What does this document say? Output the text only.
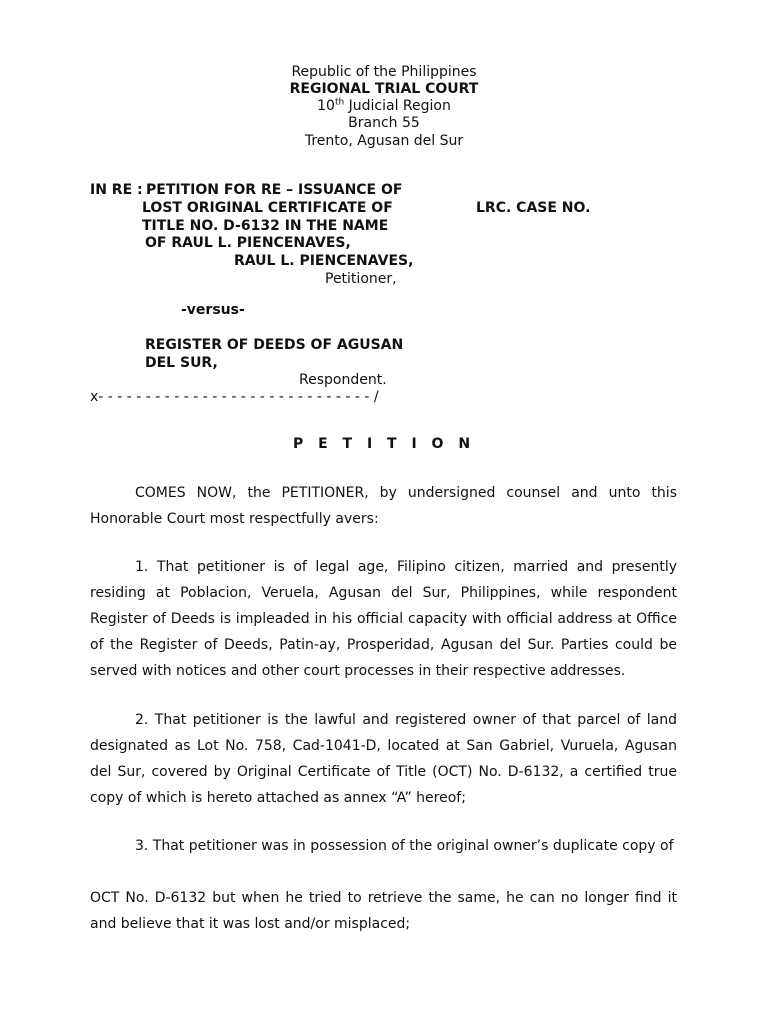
Republic of the Philippines
REGIONAL TRIAL COURT
10th Judicial Region
Branch 55
Trento, Agusan del Sur
IN RE : PETITION FOR RE – ISSUANCE OF
LOST ORIGINAL CERTIFICATE OF	LRC. CASE NO.
TITLE NO. D-6132 IN THE NAME
OF RAUL L. PIENCENAVES,
RAUL L. PIENCENAVES,
Petitioner,
-versus-
REGISTER OF DEEDS OF AGUSAN
DEL SUR,
Respondent.
x- - - - - - - - - - - - - - - - - - - - - - - - - - - - - /
P E T I T I O N
COMES NOW, the PETITIONER, by undersigned counsel and unto this Honorable Court most respectfully avers:
1. That petitioner is of legal age, Filipino citizen, married and presently residing at Poblacion, Veruela, Agusan del Sur, Philippines, while respondent Register of Deeds is impleaded in his official capacity with official address at Office of the Register of Deeds, Patin-ay, Prosperidad, Agusan del Sur. Parties could be served with notices and other court processes in their respective addresses.
2. That petitioner is the lawful and registered owner of that parcel of land designated as Lot No. 758, Cad-1041-D, located at San Gabriel, Vuruela, Agusan del Sur, covered by Original Certificate of Title (OCT) No. D-6132, a certified true copy of which is hereto attached as annex “A” hereof;
3. That petitioner was in possession of the original owner’s duplicate copy of
OCT No. D-6132 but when he tried to retrieve the same, he can no longer find it and believe that it was lost and/or misplaced;
